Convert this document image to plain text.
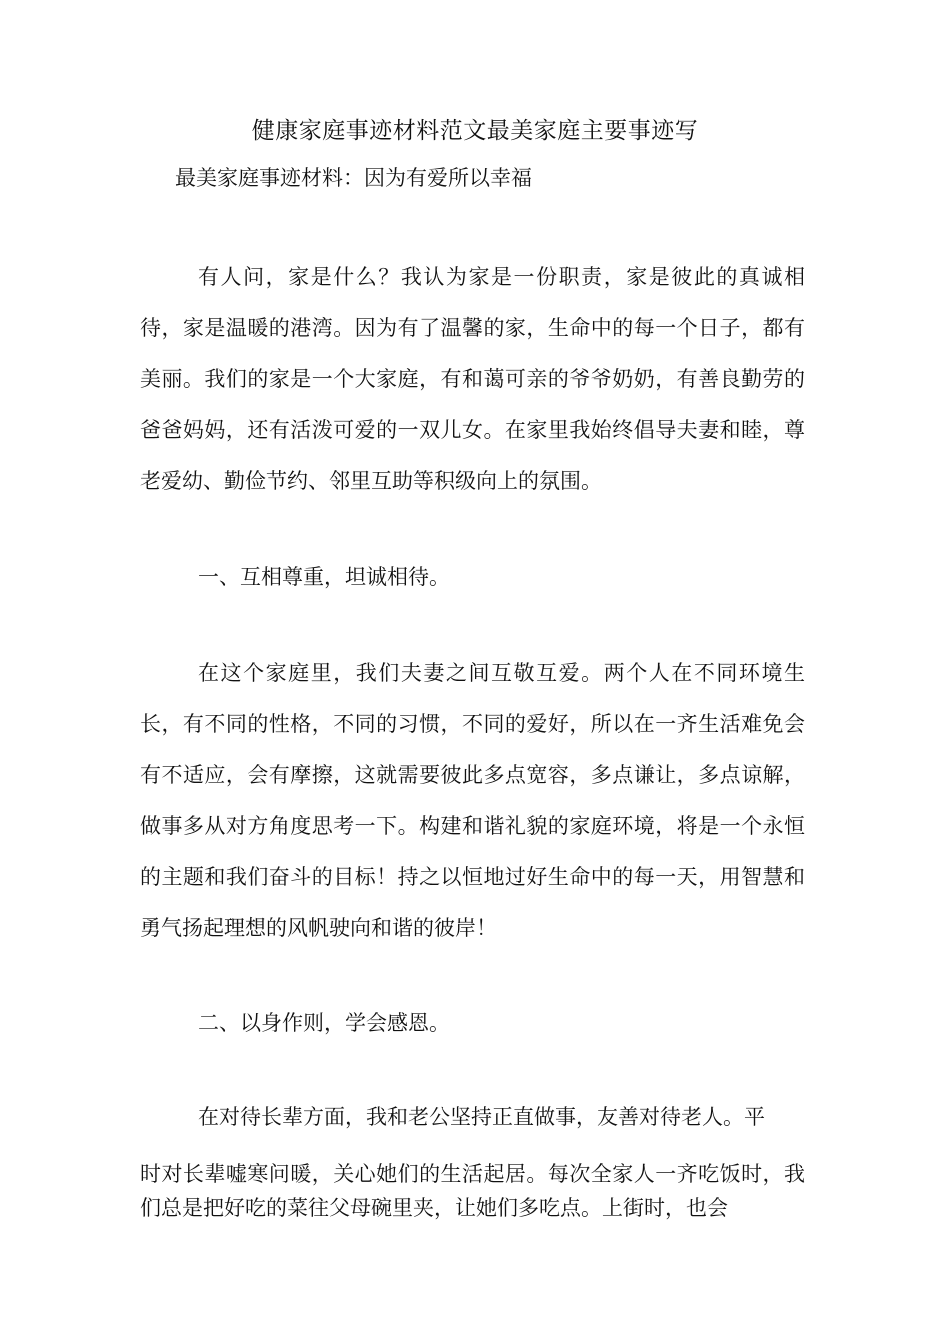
健康家庭事迹材料范文最美家庭主要事迹写

最美家庭事迹材料：因为有爱所以幸福

有人问，家是什么？我认为家是一份职责，家是彼此的真诚相待，家是温暖的港湾。因为有了温馨的家，生命中的每一个日子，都有美丽。我们的家是一个大家庭，有和蔼可亲的爷爷奶奶，有善良勤劳的爸爸妈妈，还有活泼可爱的一双儿女。在家里我始终倡导夫妻和睦，尊老爱幼、勤俭节约、邻里互助等积级向上的氛围。

一、互相尊重，坦诚相待。

在这个家庭里，我们夫妻之间互敬互爱。两个人在不同环境生长，有不同的性格，不同的习惯，不同的爱好，所以在一齐生活难免会有不适应，会有摩擦，这就需要彼此多点宽容，多点谦让，多点谅解，做事多从对方角度思考一下。构建和谐礼貌的家庭环境，将是一个永恒的主题和我们奋斗的目标！持之以恒地过好生命中的每一天，用智慧和勇气扬起理想的风帆驶向和谐的彼岸！

二、以身作则，学会感恩。

在对待长辈方面，我和老公坚持正直做事，友善对待老人。平
时对长辈嘘寒问暖，关心她们的生活起居。每次全家人一齐吃饭时，我们总是把好吃的菜往父母碗里夹，让她们多吃点。上街时，也会
